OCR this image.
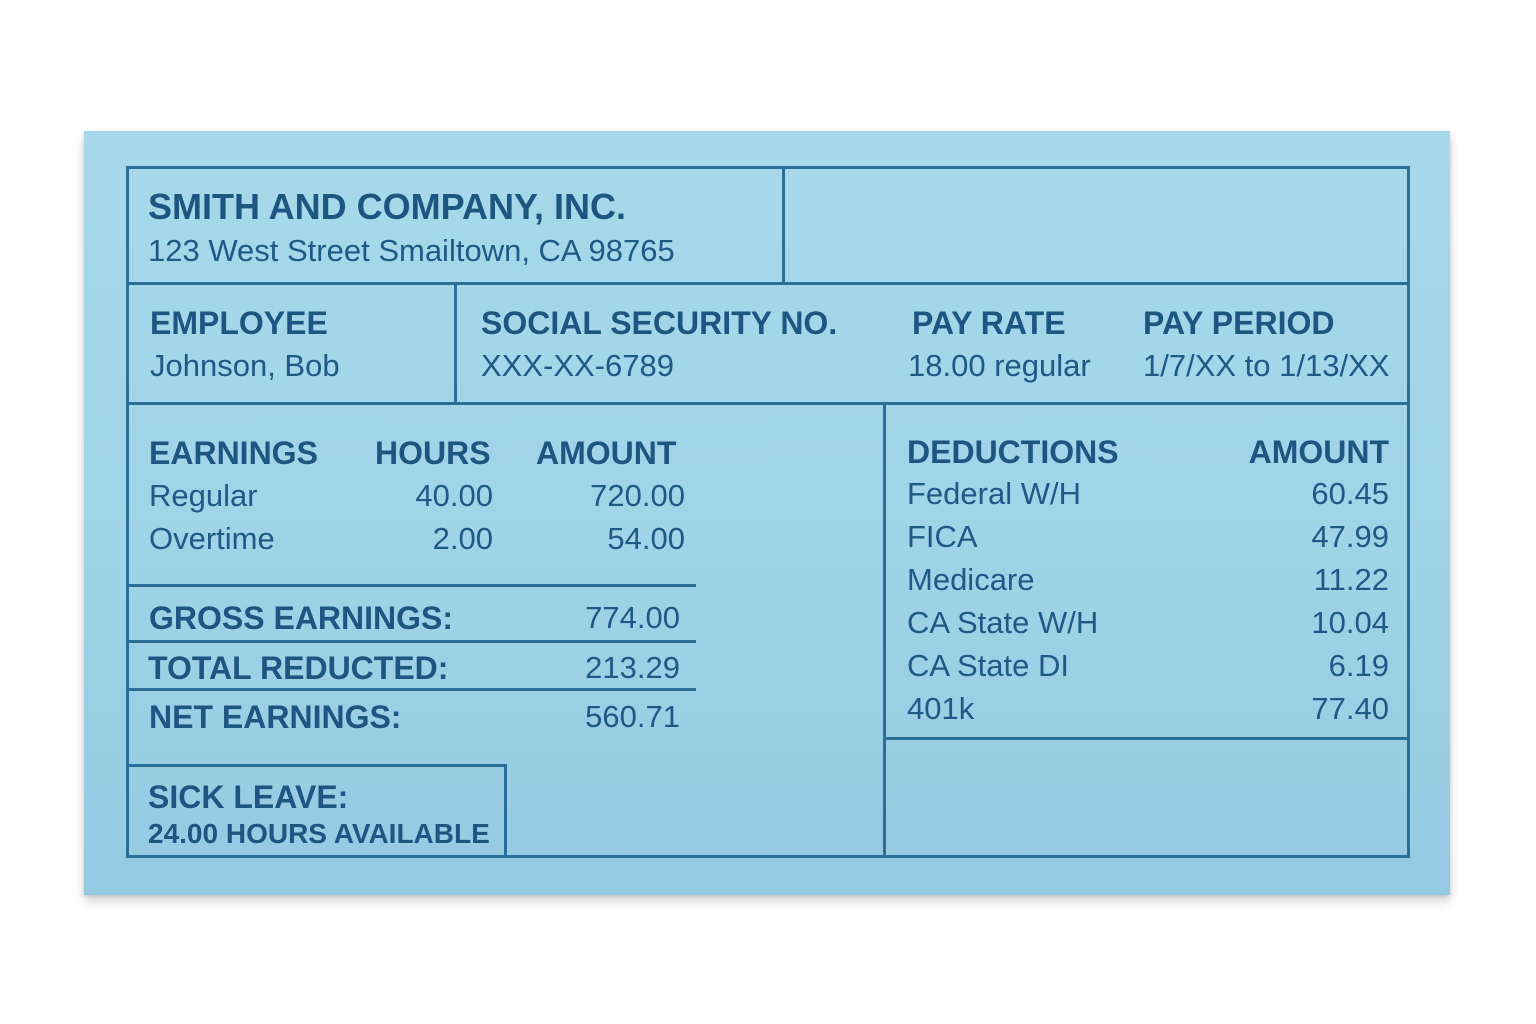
SMITH AND COMPANY, INC.
123 West Street Smailtown, CA 98765
EMPLOYEE
Johnson, Bob
SOCIAL SECURITY NO.
XXX-XX-6789
PAY RATE
18.00 regular
PAY PERIOD
1/7/XX to 1/13/XX
EARNINGS HOURS AMOUNT
Regular	40.00	720.00
Overtime	2.00	54.00
GROSS EARNINGS:	774.00
TOTAL REDUCTED:	213.29
NET EARNINGS:	560.71
SICK LEAVE:
24.00 HOURS AVAILABLE
DEDUCTIONS	AMOUNT
Federal W/H	60.45
FICA	47.99
Medicare	11.22
CA State W/H	10.04
CA State DI	6.19
401k	77.40
